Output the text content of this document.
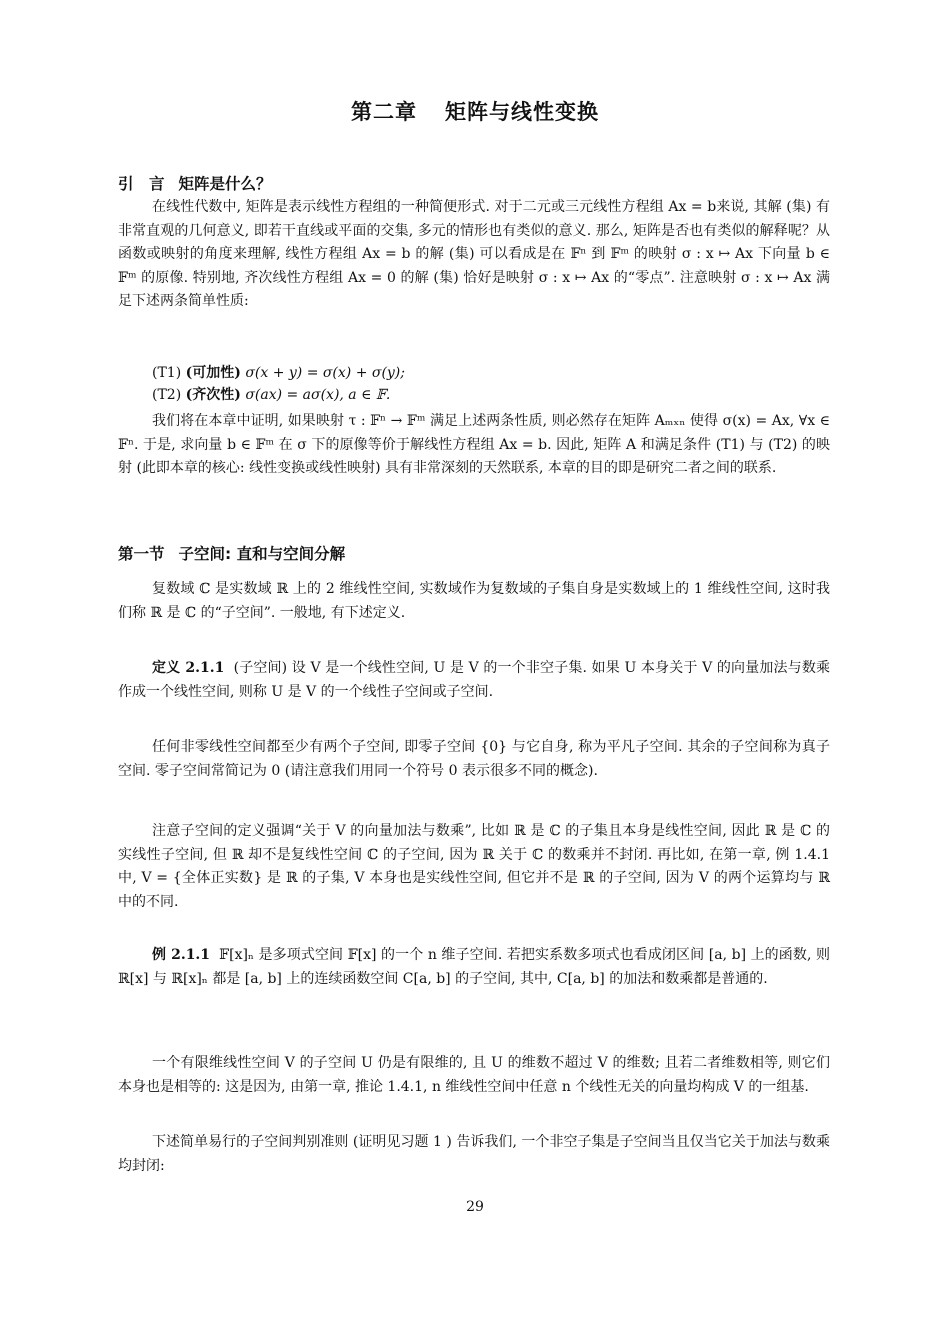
第二章 矩阵与线性变换
引　言 矩阵是什么？

在线性代数中, 矩阵是表示线性方程组的一种简便形式. 对于二元或三元线性方程组 Ax = b来说, 其解 (集) 有非常直观的几何意义, 即若干直线或平面的交集, 多元的情形也有类似的意义. 那么, 矩阵是否也有类似的解释呢？从函数或映射的角度来理解, 线性方程组 Ax = b 的解 (集) 可以看成是在 𝔽ⁿ 到 𝔽ᵐ 的映射 σ : x ↦ Ax 下向量 b ∈ 𝔽ᵐ 的原像. 特别地, 齐次线性方程组 Ax = 0 的解 (集) 恰好是映射 σ : x ↦ Ax 的“零点”. 注意映射 σ : x ↦ Ax 满足下述两条简单性质:

(T1) (可加性) σ(x + y) = σ(x) + σ(y);
(T2) (齐次性) σ(ax) = aσ(x), a ∈ 𝔽.

我们将在本章中证明, 如果映射 τ : 𝔽ⁿ → 𝔽ᵐ 满足上述两条性质, 则必然存在矩阵 Aₘₓₙ 使得 σ(x) = Ax, ∀x ∈ 𝔽ⁿ. 于是, 求向量 b ∈ 𝔽ᵐ 在 σ 下的原像等价于解线性方程组 Ax = b. 因此, 矩阵 A 和满足条件 (T1) 与 (T2) 的映射 (此即本章的核心: 线性变换或线性映射) 具有非常深刻的天然联系, 本章的目的即是研究二者之间的联系.

第一节 子空间: 直和与空间分解

复数域 ℂ 是实数域 ℝ 上的 2 维线性空间, 实数域作为复数域的子集自身是实数域上的 1 维线性空间, 这时我们称 ℝ 是 ℂ 的“子空间”. 一般地, 有下述定义.

定义 2.1.1 (子空间) 设 V 是一个线性空间, U 是 V 的一个非空子集. 如果 U 本身关于 V 的向量加法与数乘作成一个线性空间, 则称 U 是 V 的一个线性子空间或子空间.

任何非零线性空间都至少有两个子空间, 即零子空间 {0} 与它自身, 称为平凡子空间. 其余的子空间称为真子空间. 零子空间常简记为 0 (请注意我们用同一个符号 0 表示很多不同的概念).

注意子空间的定义强调“关于 V 的向量加法与数乘”, 比如 ℝ 是 ℂ 的子集且本身是线性空间, 因此 ℝ 是 ℂ 的实线性子空间, 但 ℝ 却不是复线性空间 ℂ 的子空间, 因为 ℝ 关于 ℂ 的数乘并不封闭. 再比如, 在第一章, 例 1.4.1 中, V = {全体正实数} 是 ℝ 的子集, V 本身也是实线性空间, 但它并不是 ℝ 的子空间, 因为 V 的两个运算均与 ℝ 中的不同.

例 2.1.1 𝔽[x]ₙ 是多项式空间 𝔽[x] 的一个 n 维子空间. 若把实系数多项式也看成闭区间 [a, b] 上的函数, 则 ℝ[x] 与 ℝ[x]ₙ 都是 [a, b] 上的连续函数空间 C[a, b] 的子空间, 其中, C[a, b] 的加法和数乘都是普通的.

一个有限维线性空间 V 的子空间 U 仍是有限维的, 且 U 的维数不超过 V 的维数; 且若二者维数相等, 则它们本身也是相等的: 这是因为, 由第一章, 推论 1.4.1, n 维线性空间中任意 n 个线性无关的向量均构成 V 的一组基.

下述简单易行的子空间判别准则 (证明见习题 1 ) 告诉我们, 一个非空子集是子空间当且仅当它关于加法与数乘均封闭:

29
